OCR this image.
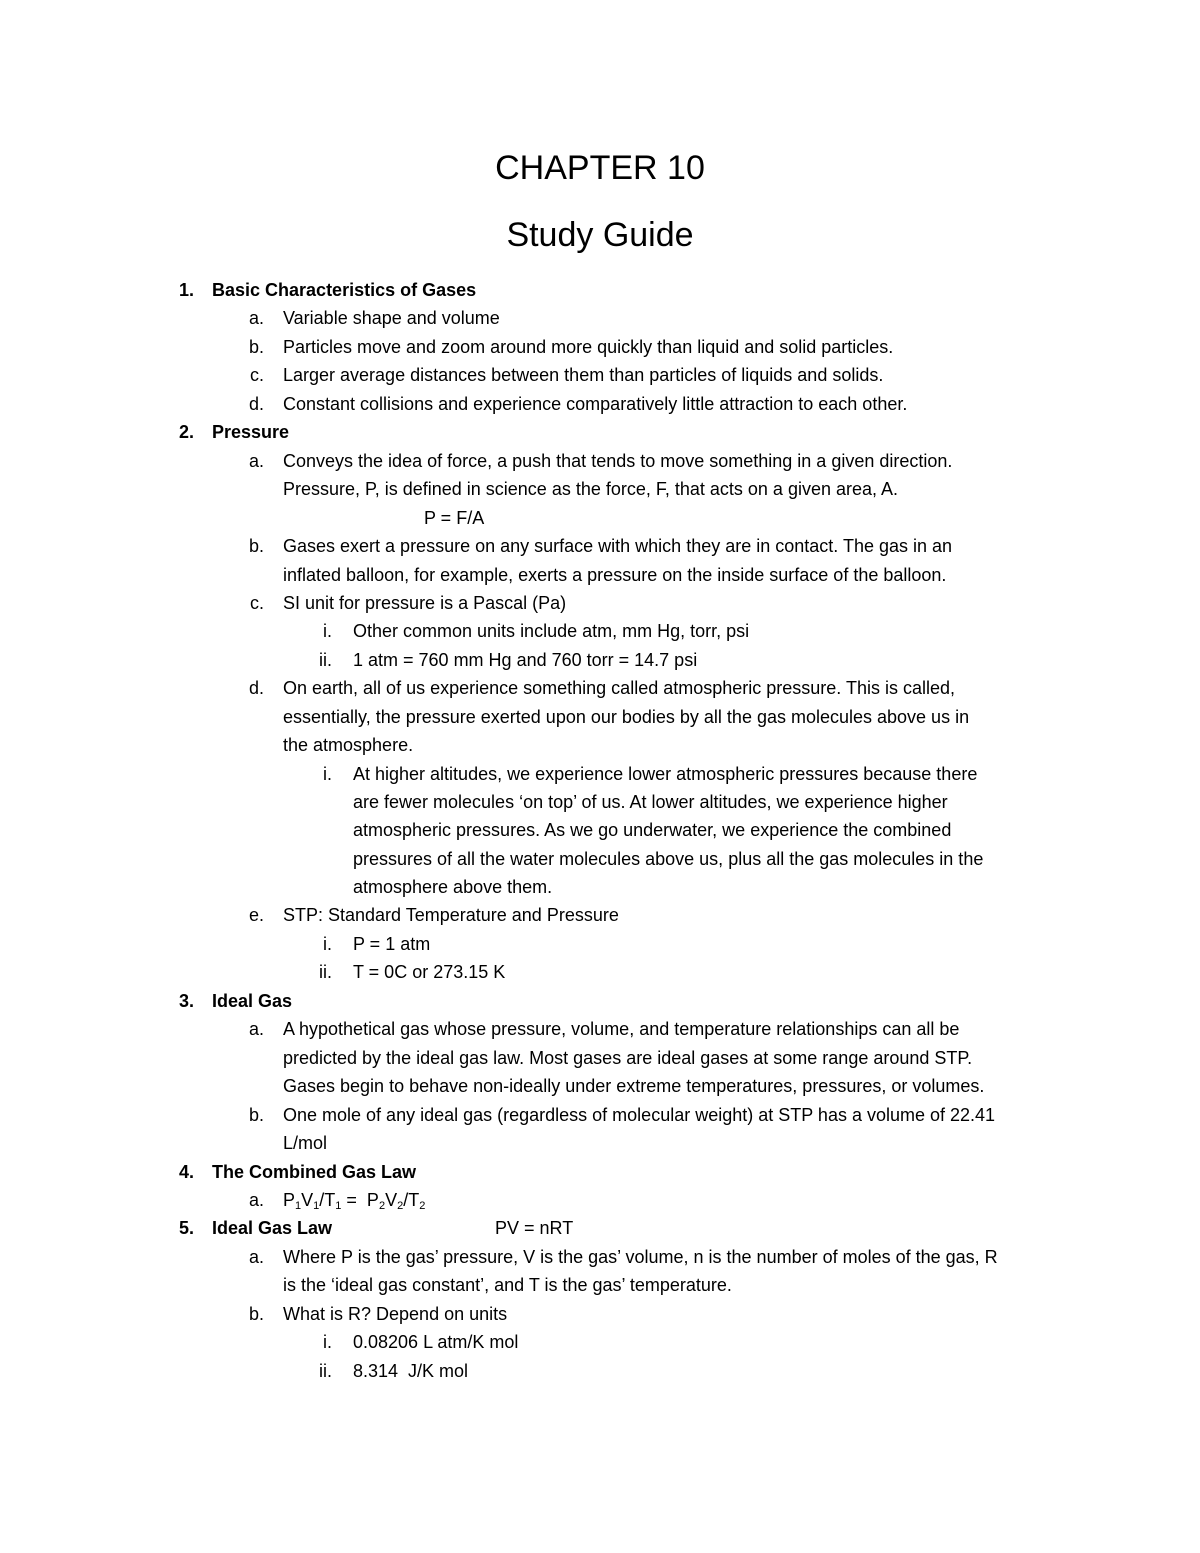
CHAPTER 10
Study Guide
1. Basic Characteristics of Gases
a. Variable shape and volume
b. Particles move and zoom around more quickly than liquid and solid particles.
c. Larger average distances between them than particles of liquids and solids.
d. Constant collisions and experience comparatively little attraction to each other.
2. Pressure
a. Conveys the idea of force, a push that tends to move something in a given direction.
Pressure, P, is defined in science as the force, F, that acts on a given area, A.
P = F/A
b. Gases exert a pressure on any surface with which they are in contact. The gas in an
inflated balloon, for example, exerts a pressure on the inside surface of the balloon.
c. SI unit for pressure is a Pascal (Pa)
i. Other common units include atm, mm Hg, torr, psi
ii. 1 atm = 760 mm Hg and 760 torr = 14.7 psi
d. On earth, all of us experience something called atmospheric pressure. This is called,
essentially, the pressure exerted upon our bodies by all the gas molecules above us in
the atmosphere.
i. At higher altitudes, we experience lower atmospheric pressures because there
are fewer molecules ‘on top’ of us. At lower altitudes, we experience higher
atmospheric pressures. As we go underwater, we experience the combined
pressures of all the water molecules above us, plus all the gas molecules in the
atmosphere above them.
e. STP: Standard Temperature and Pressure
i. P = 1 atm
ii. T = 0C or 273.15 K
3. Ideal Gas
a. A hypothetical gas whose pressure, volume, and temperature relationships can all be
predicted by the ideal gas law. Most gases are ideal gases at some range around STP.
Gases begin to behave non-ideally under extreme temperatures, pressures, or volumes.
b. One mole of any ideal gas (regardless of molecular weight) at STP has a volume of 22.41
L/mol
4. The Combined Gas Law
a. $P_1V_1/T_1 = P_2V_2/T_2$
5. Ideal Gas Law	PV = nRT
a. Where P is the gas’ pressure, V is the gas’ volume, n is the number of moles of the gas, R
is the ‘ideal gas constant’, and T is the gas’ temperature.
b. What is R? Depend on units
i. 0.08206 L atm/K mol
ii. 8.314  J/K mol
